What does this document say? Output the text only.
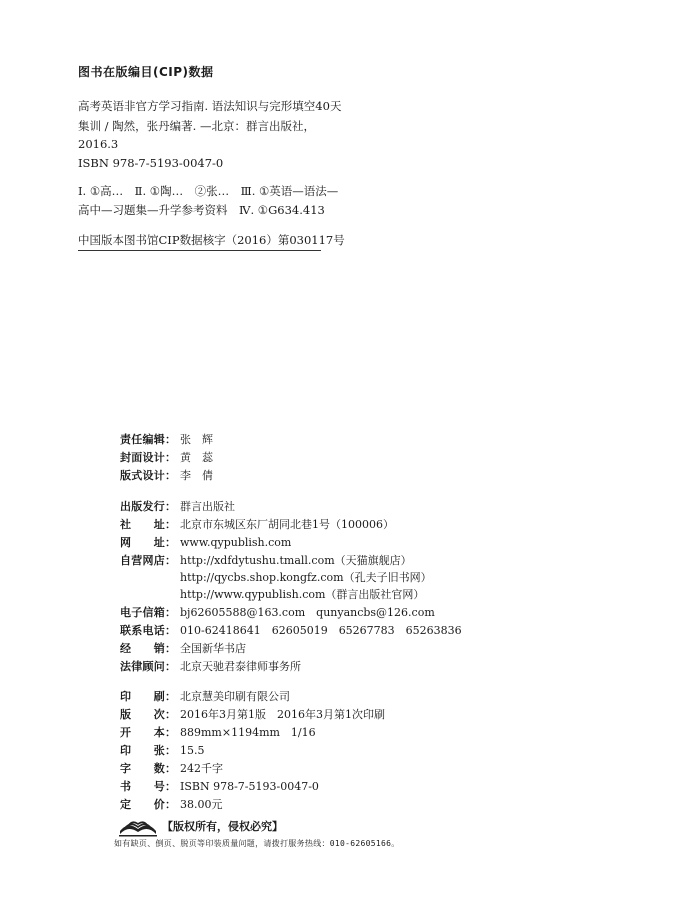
图书在版编目(CIP)数据
高考英语非官方学习指南. 语法知识与完形填空40天
集训 / 陶然，张丹编著. —北京：群言出版社，
2016.3
ISBN 978-7-5193-0047-0
Ⅰ. ①高…　Ⅱ. ①陶…　②张…　Ⅲ. ①英语—语法—
高中—习题集—升学参考资料　Ⅳ. ①G634.413
中国版本图书馆CIP数据核字（2016）第030117号
责任编辑： 张　辉
封面设计： 黄　蕊
版式设计： 李　倩
出版发行： 群言出版社
社　　址： 北京市东城区东厂胡同北巷1号（100006）
网　　址： www.qypublish.com
自营网店： http://xdfdytushu.tmall.com（天猫旗舰店）
http://qycbs.shop.kongfz.com（孔夫子旧书网）
http://www.qypublish.com（群言出版社官网）
电子信箱： bj62605588@163.com　qunyancbs@126.com
联系电话： 010-62418641　62605019　65267783　65263836
经　　销： 全国新华书店
法律顾问： 北京天驰君泰律师事务所
印　　刷： 北京慧美印刷有限公司
版　　次： 2016年3月第1版　2016年3月第1次印刷
开　　本： 889mm×1194mm　1/16
印　　张： 15.5
字　　数： 242千字
书　　号： ISBN 978-7-5193-0047-0
定　　价： 38.00元
【版权所有，侵权必究】
如有缺页、倒页、脱页等印装质量问题，请拨打服务热线：010-62605166。
